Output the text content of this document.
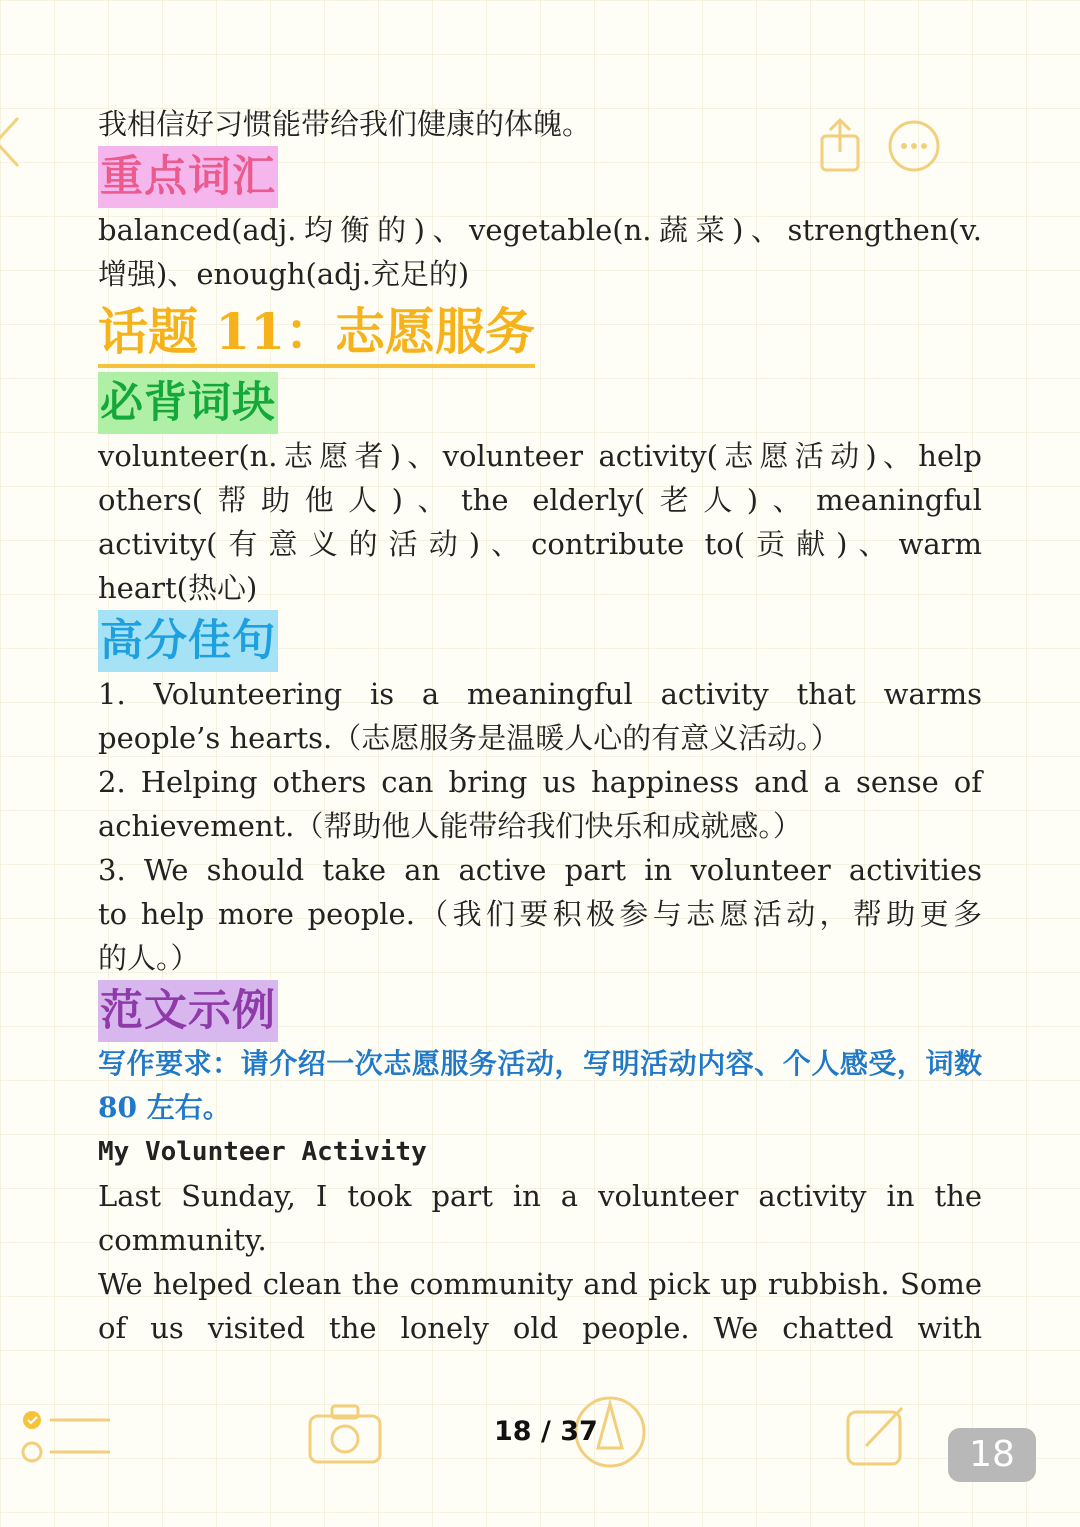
我相信好习惯能带给我们健康的体魄。
重点词汇
balanced(adj.均衡的)、vegetable(n.蔬菜)、strengthen(v.
增强)、enough(adj.充足的)
话题 11：志愿服务
必背词块
volunteer(n.志愿者)、volunteer activity(志愿活动)、help
others(帮助他人)、the elderly(老人)、meaningful
activity(有意义的活动)、contribute to(贡献)、warm
heart(热心)
高分佳句
1. Volunteering is a meaningful activity that warms
people’s hearts.（志愿服务是温暖人心的有意义活动。）
2. Helping others can bring us happiness and a sense of
achievement.（帮助他人能带给我们快乐和成就感。）
3. We should take an active part in volunteer activities
to help more people.（我们要积极参与志愿活动，帮助更多
的人。）
范文示例
写作要求：请介绍一次志愿服务活动，写明活动内容、个人感受，词数
80 左右。
My Volunteer Activity
Last Sunday, I took part in a volunteer activity in the
community.
We helped clean the community and pick up rubbish. Some
of us visited the lonely old people. We chatted with
18 / 37
18
